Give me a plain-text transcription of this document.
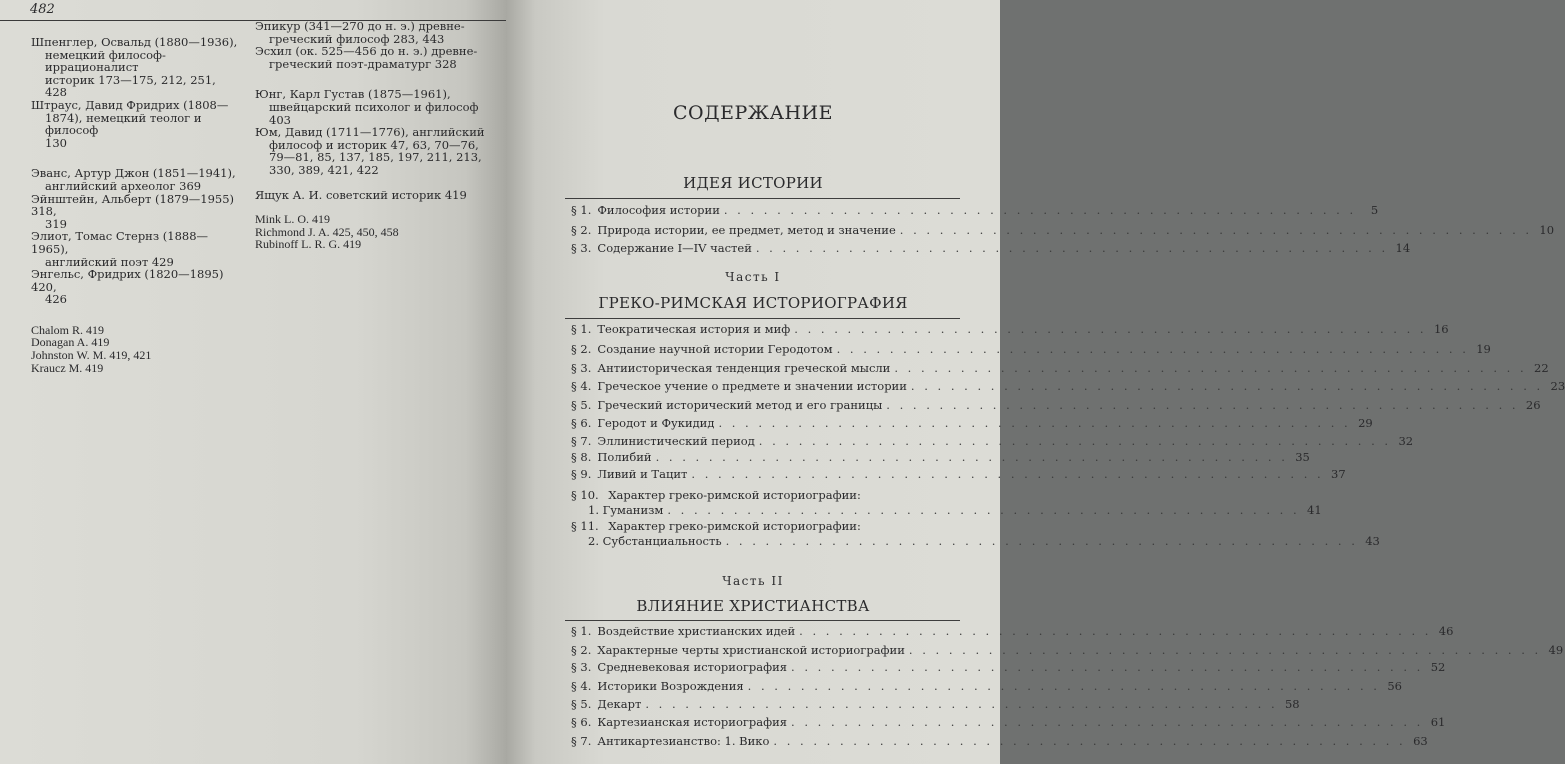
482
Шпенглер, Освальд (1880—1936),
немецкий философ-иррационалист
историк 173—175, 212, 251, 428
Штраус, Давид Фридрих (1808—
1874), немецкий теолог и философ
130
Эванс, Артур Джон (1851—1941),
английский археолог 369
Эйнштейн, Альберт (1879—1955) 318,
319
Элиот, Томас Стернз (1888—1965),
английский поэт 429
Энгельс, Фридрих (1820—1895) 420,
426
Chalom R. 419
Donagan A. 419
Johnston W. M. 419, 421
Kraucz M. 419
Эпикур (341—270 до н. э.) древне-
греческий философ 283, 443
Эсхил (ок. 525—456 до н. э.) древне-
греческий поэт-драматург 328
Юнг, Карл Густав (1875—1961),
швейцарский психолог и философ
403
Юм, Давид (1711—1776), английский
философ и историк 47, 63, 70—76,
79—81, 85, 137, 185, 197, 211, 213,
330, 389, 421, 422
Ящук А. И. советский историк 419
Mink L. O. 419
Richmond J. A. 425, 450, 458
Rubinoff L. R. G. 419
СОДЕРЖАНИЕ
ИДЕЯ ИСТОРИИ
§ 1. Философия истории . . . . . . . . . . . . . . . . . . . . . . . . . . . . . . . . . . . . . . . . . . . . . . . .	5
§ 2. Природа истории, ее предмет, метод и значение . . . . . . . . . . . . . . . . . . . . . . . . . . . . . . . . . . . . . . . . . . . . . . . . 10
§ 3. Содержание I—IV частей . . . . . . . . . . . . . . . . . . . . . . . . . . . . . . . . . . . . . . . . . . . . . . . . 14
Часть I
ГРЕКО-РИМСКАЯ ИСТОРИОГРАФИЯ
§ 1. Теократическая история и миф . . . . . . . . . . . . . . . . . . . . . . . . . . . . . . . . . . . . . . . . . . . . . . . . 16
§ 2. Создание научной истории Геродотом . . . . . . . . . . . . . . . . . . . . . . . . . . . . . . . . . . . . . . . . . . . . . . . . 19
§ 3. Антиисторическая тенденция греческой мысли . . . . . . . . . . . . . . . . . . . . . . . . . . . . . . . . . . . . . . . . . . . . . . . . 22
§ 4. Греческое учение о предмете и значении истории . . . . . . . . . . . . . . . . . . . . . . . . . . . . . . . . . . . . . . . . . . . . . . . . 23
§ 5. Греческий исторический метод и его границы . . . . . . . . . . . . . . . . . . . . . . . . . . . . . . . . . . . . . . . . . . . . . . . . 26
§ 6. Геродот и Фукидид . . . . . . . . . . . . . . . . . . . . . . . . . . . . . . . . . . . . . . . . . . . . . . . . 29
§ 7. Эллинистический период . . . . . . . . . . . . . . . . . . . . . . . . . . . . . . . . . . . . . . . . . . . . . . . . 32
§ 8. Полибий . . . . . . . . . . . . . . . . . . . . . . . . . . . . . . . . . . . . . . . . . . . . . . . . 35
§ 9. Ливий и Тацит . . . . . . . . . . . . . . . . . . . . . . . . . . . . . . . . . . . . . . . . . . . . . . . . 37
§ 10. Характер греко-римской историографии:
1. Гуманизм . . . . . . . . . . . . . . . . . . . . . . . . . . . . . . . . . . . . . . . . . . . . . . . . 41
§ 11. Характер греко-римской историографии:
2. Субстанциальность . . . . . . . . . . . . . . . . . . . . . . . . . . . . . . . . . . . . . . . . . . . . . . . . 43
Часть II
ВЛИЯНИЕ ХРИСТИАНСТВА
§ 1. Воздействие христианских идей . . . . . . . . . . . . . . . . . . . . . . . . . . . . . . . . . . . . . . . . . . . . . . . . 46
§ 2. Характерные черты христианской историографии . . . . . . . . . . . . . . . . . . . . . . . . . . . . . . . . . . . . . . . . . . . . . . . . 49
§ 3. Средневековая историография . . . . . . . . . . . . . . . . . . . . . . . . . . . . . . . . . . . . . . . . . . . . . . . . 52
§ 4. Историки Возрождения . . . . . . . . . . . . . . . . . . . . . . . . . . . . . . . . . . . . . . . . . . . . . . . . 56
§ 5. Декарт . . . . . . . . . . . . . . . . . . . . . . . . . . . . . . . . . . . . . . . . . . . . . . . . 58
§ 6. Картезианская историография . . . . . . . . . . . . . . . . . . . . . . . . . . . . . . . . . . . . . . . . . . . . . . . . 61
§ 7. Антикартезианство: 1. Вико . . . . . . . . . . . . . . . . . . . . . . . . . . . . . . . . . . . . . . . . . . . . . . . . 63
